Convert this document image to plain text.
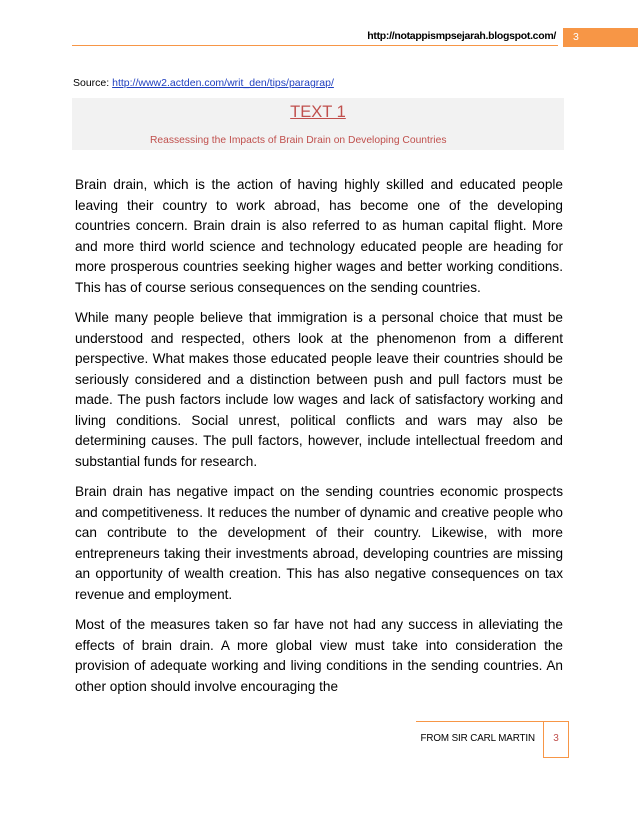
http://notappismpsejarah.blogspot.com/	3
Source: http://www2.actden.com/writ_den/tips/paragrap/
TEXT 1
Reassessing the Impacts of Brain Drain on Developing Countries

Brain drain, which is the action of having highly skilled and educated people leaving their country to work abroad, has become one of the developing countries concern. Brain drain is also referred to as human capital flight. More and more third world science and technology educated people are heading for more prosperous countries seeking higher wages and better working conditions. This has of course serious consequences on the sending countries.

While many people believe that immigration is a personal choice that must be understood and respected, others look at the phenomenon from a different perspective. What makes those educated people leave their countries should be seriously considered and a distinction between push and pull factors must be made. The push factors include low wages and lack of satisfactory working and living conditions. Social unrest, political conflicts and wars may also be determining causes. The pull factors, however, include intellectual freedom and substantial funds for research.

Brain drain has negative impact on the sending countries economic prospects and competitiveness. It reduces the number of dynamic and creative people who can contribute to the development of their country. Likewise, with more entrepreneurs taking their investments abroad, developing countries are missing an opportunity of wealth creation. This has also negative consequences on tax revenue and employment.

Most of the measures taken so far have not had any success in alleviating the effects of brain drain. A more global view must take into consideration the provision of adequate working and living conditions in the sending countries. An other option should involve encouraging the

FROM SIR CARL MARTIN	3
